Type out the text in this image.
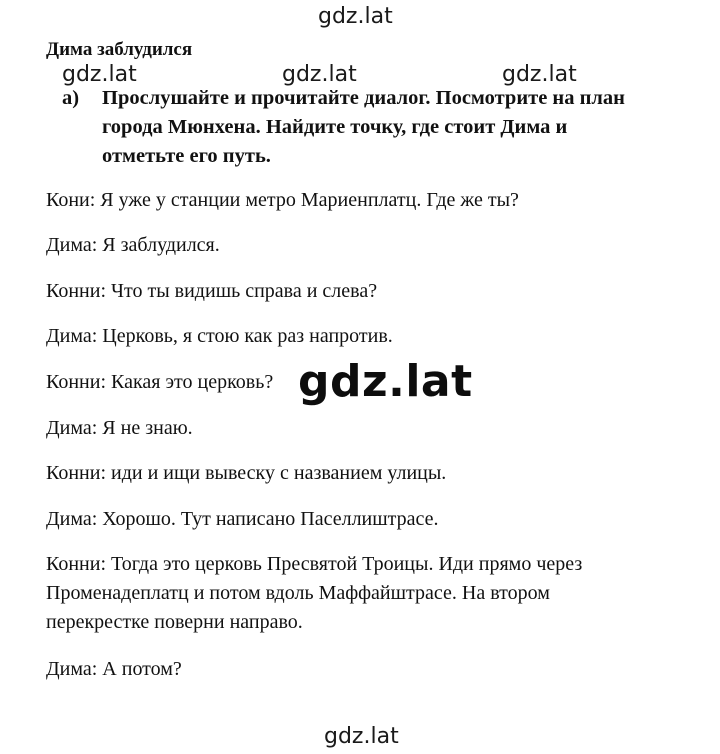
gdz.lat
gdz.lat	gdz.lat	gdz.lat
Дима заблудился
а) Прослушайте и прочитайте диалог. Посмотрите на план
города Мюнхена. Найдите точку, где стоит Дима и
отметьте его путь.
Кони: Я уже у станции метро Мариенплатц. Где же ты?
Дима: Я заблудился.
Конни: Что ты видишь справа и слева?
Дима: Церковь, я стою как раз напротив.
Конни: Какая это церковь?
Дима: Я не знаю.
Конни: иди и ищи вывеску с названием улицы.
Дима: Хорошо. Тут написано Паселлиштрасе.
Конни: Тогда это церковь Пресвятой Троицы. Иди прямо через
Променадеплатц и потом вдоль Маффайштрасе. На втором
перекрестке поверни направо.
Дима: А потом?
gdz.lat
gdz.lat
